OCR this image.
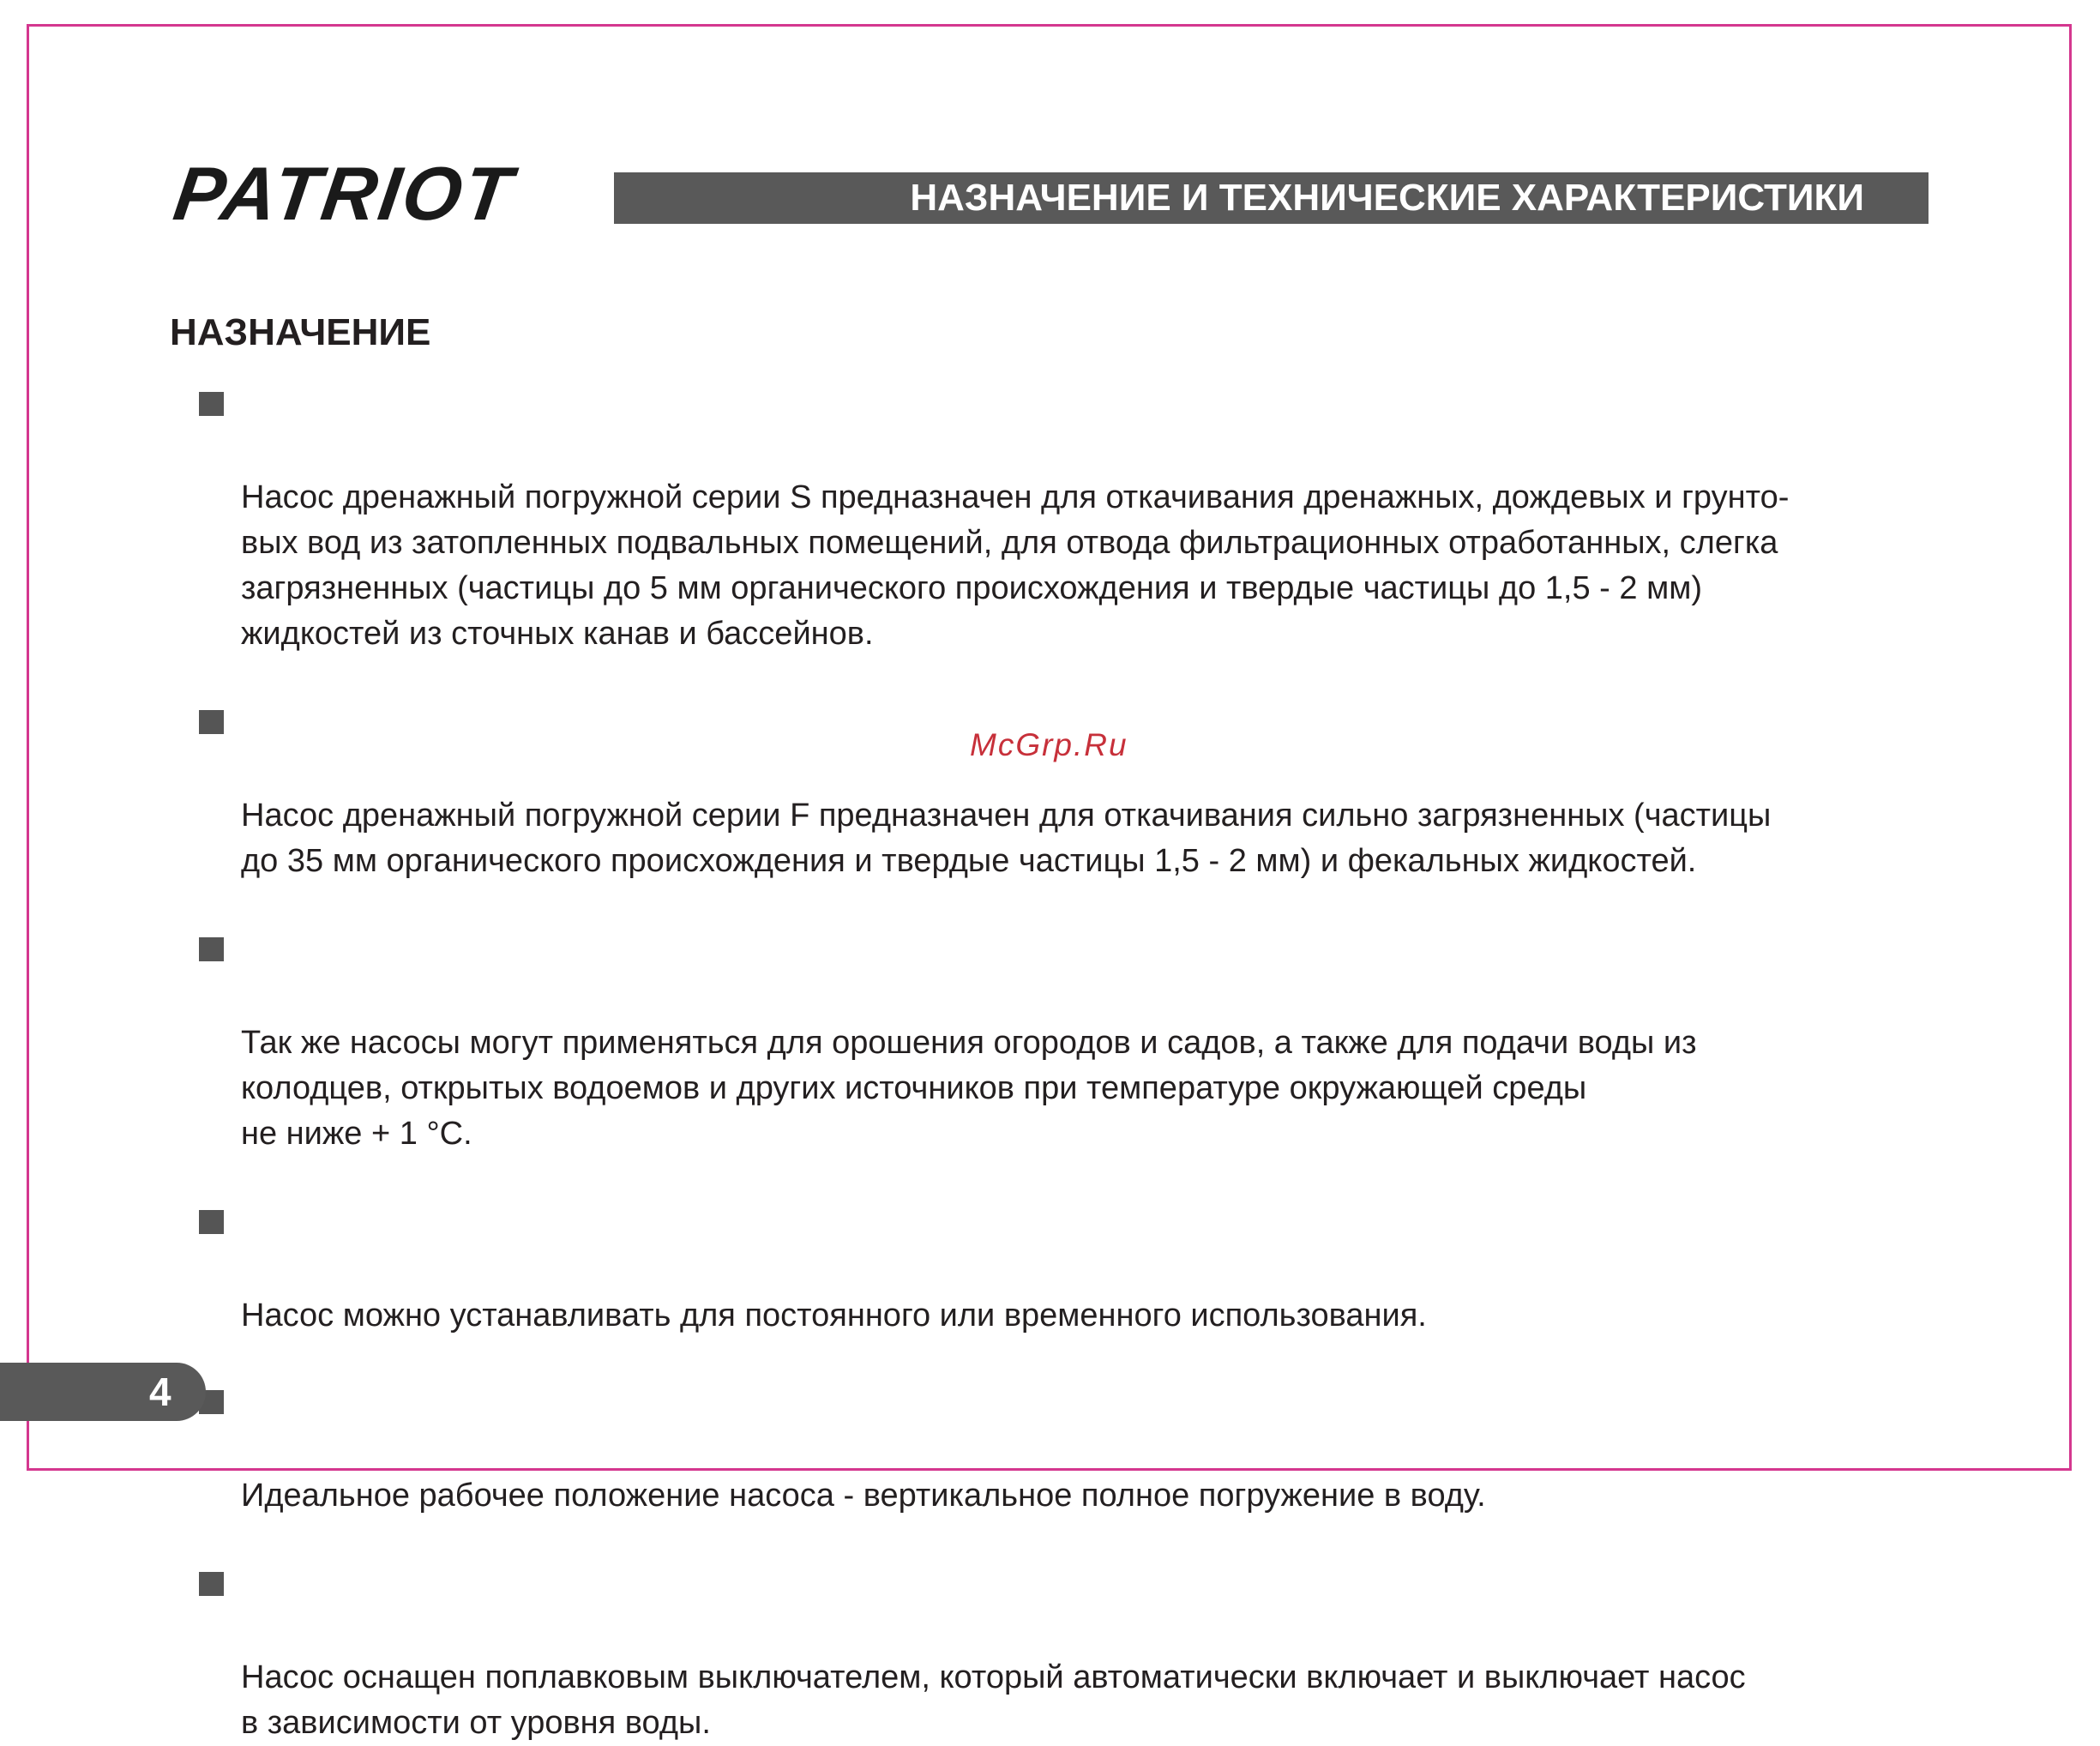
PATRIOT	НАЗНАЧЕНИЕ И ТЕХНИЧЕСКИЕ ХАРАКТЕРИСТИКИ
НАЗНАЧЕНИЕ

Насос дренажный погружной серии S предназначен для откачивания дренажных, дождевых и грунто-
вых вод из затопленных подвальных помещений, для отвода фильтрационных отработанных, слегка
загрязненных (частицы до 5 мм органического происхождения и твердые частицы до 1,5 - 2 мм)
жидкостей из сточных канав и бассейнов.

Насос дренажный погружной серии F предназначен для откачивания сильно загрязненных (частицы
до 35 мм органического происхождения и твердые частицы 1,5 - 2 мм) и фекальных жидкостей.

Так же насосы могут применяться для орошения огородов и садов, а также для подачи воды из
колодцев, открытых водоемов и других источников при температуре окружающей среды
не ниже + 1 °С.

Насос можно устанавливать для постоянного или временного использования.

Идеальное рабочее положение насоса - вертикальное полное погружение в воду.

Насос оснащен поплавковым выключателем, который автоматически включает и выключает насос
в зависимости от уровня воды.

McGrp.Ru
4
